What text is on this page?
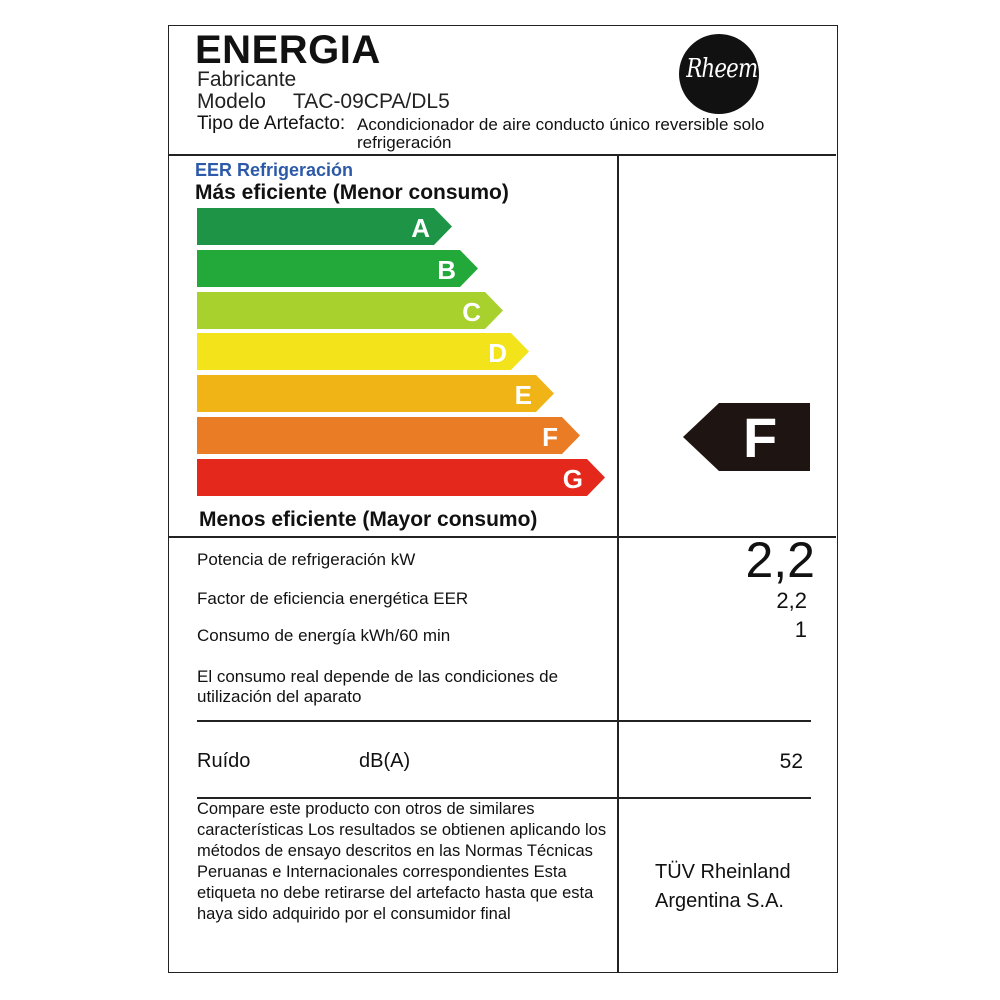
ENERGIA
Fabricante
Modelo TAC-09CPA/DL5
Tipo de Artefacto: Acondicionador de aire conducto único reversible solo
refrigeración
Rheem
EER Refrigeración
Más eficiente (Menor consumo)
A
B
C
D
E
F
G
F
Menos eficiente (Mayor consumo)
Potencia de refrigeración kW	2,2
Factor de eficiencia energética EER	2,2
Consumo de energía kWh/60 min	1
El consumo real depende de las condiciones de
utilización del aparato
Ruído	dB(A)	52
Compare este producto con otros de similares características Los resultados se obtienen aplicando los métodos de ensayo descritos en las Normas Técnicas Peruanas e Internacionales correspondientes Esta etiqueta no debe retirarse del artefacto hasta que esta haya sido adquirido por el consumidor final
TÜV Rheinland Argentina S.A.
